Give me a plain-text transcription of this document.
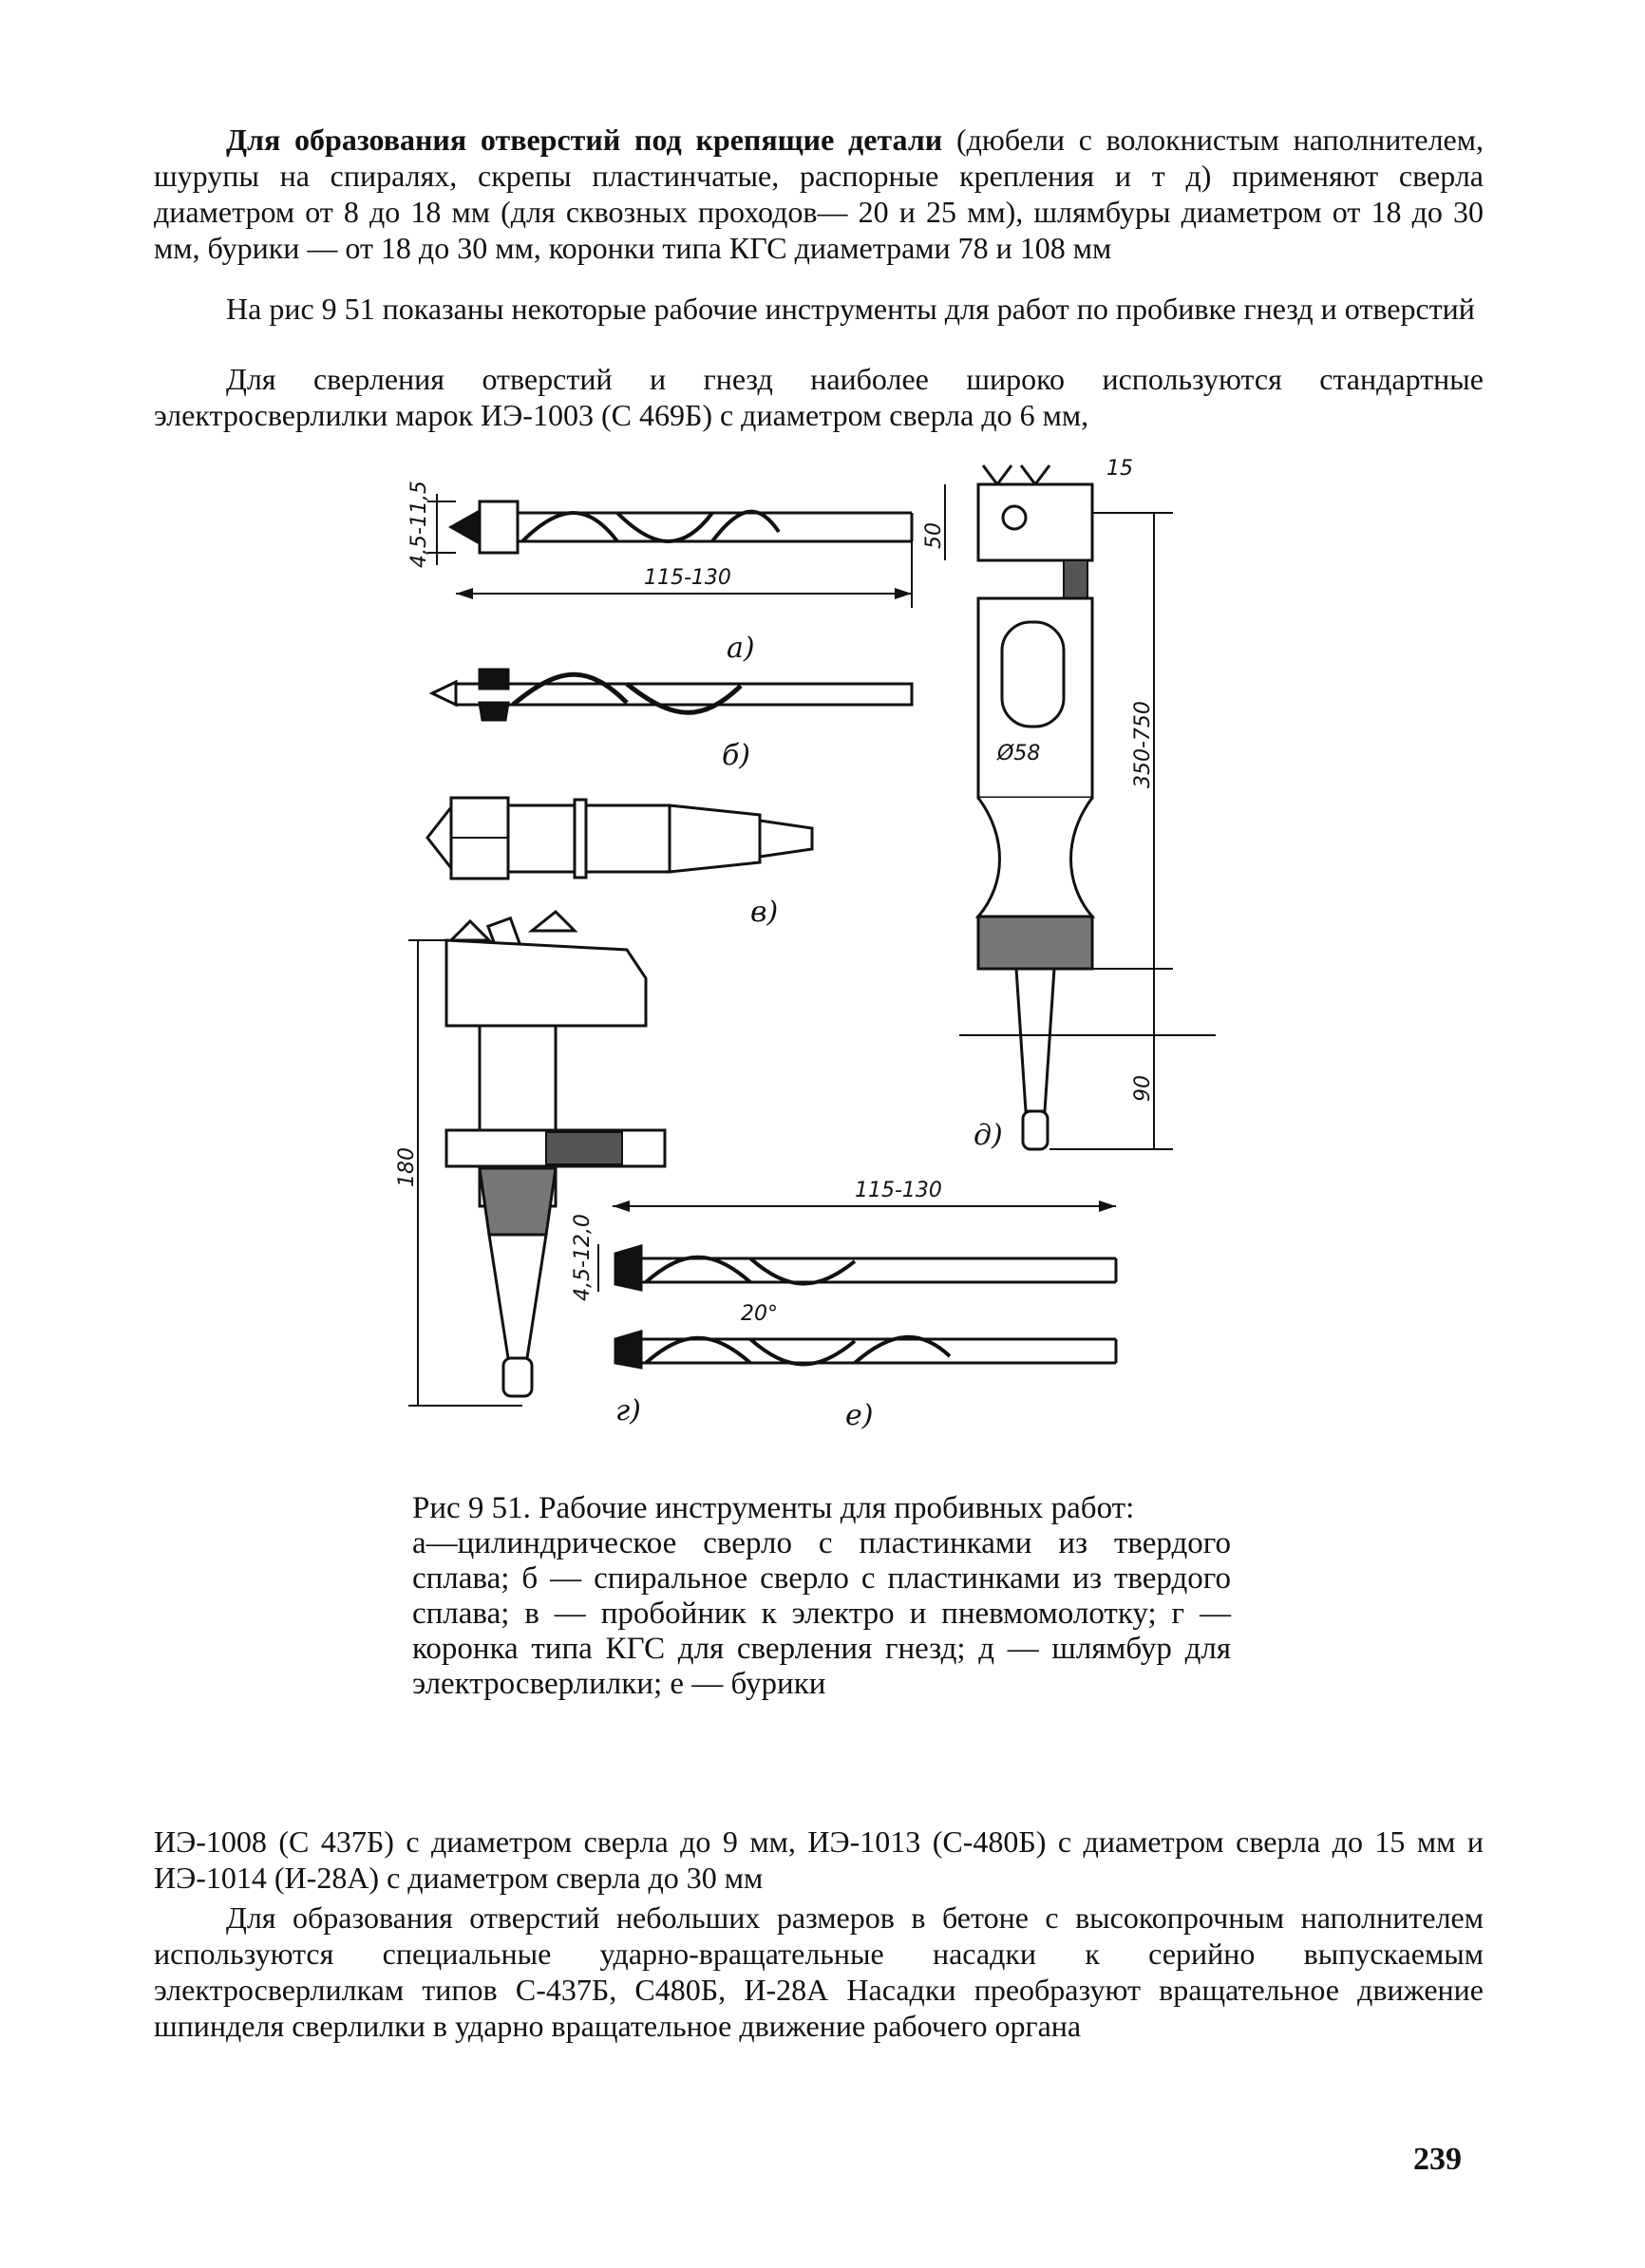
Для образования отверстий под крепящие детали (дюбели с волокнистым наполнителем, шурупы на спиралях, скрепы пластинчатые, распорные крепления и т д) применяют сверла диаметром от 8 до 18 мм (для сквозных проходов— 20 и 25 мм), шлямбуры диаметром от 18 до 30 мм, бурики — от 18 до 30 мм, коронки типа КГС диаметрами 78 и 108 мм
На рис 9 51 показаны некоторые рабочие инструменты для работ по пробивке гнезд и отверстий
Для сверления отверстий и гнезд наиболее широко используются стандартные электросверлилки марок ИЭ-1003 (С 469Б) с диаметром сверла до 6 мм,
115-130
4,5-11,5
а)
б)
в)
180
г)
15
50
Ø58	350-750
90
д)
115-130
4,5-12,0
20°
е)
Рис 9 51. Рабочие инструменты для пробивных работ:
а—цилиндрическое сверло с пластинками из твердого сплава; б — спиральное сверло с пластинками из твердого сплава; в — пробойник к электро и пневмомолотку; г — коронка типа КГС для сверления гнезд; д — шлямбур для электросверлилки; е — бурики
ИЭ-1008 (С 437Б) с диаметром сверла до 9 мм, ИЭ-1013 (С-480Б) с диаметром сверла до 15 мм и ИЭ-1014 (И-28А) с диаметром сверла до 30 мм
Для образования отверстий небольших размеров в бетоне с высокопрочным наполнителем используются специальные ударно-вращательные насадки к серийно выпускаемым электросверлилкам типов С-437Б, С480Б, И-28А Насадки преобразуют вращательное движение шпинделя сверлилки в ударно вращательное движение рабочего органа
239
